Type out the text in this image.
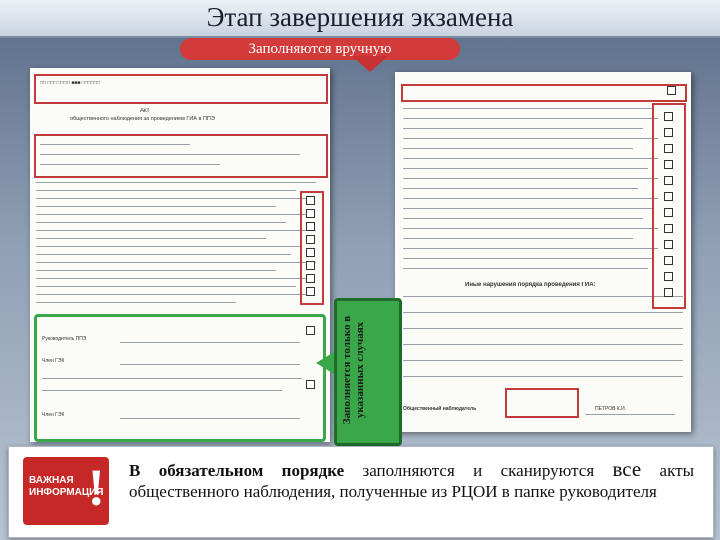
Этап завершения экзамена
Заполняются вручную
□□ □□□ □□□□ ■■■ □□□□□□
Акт
общественного наблюдения за проведением ГИА в ППЭ
Руководитель ППЭ
Член ГЭК
Член ГЭК
Иные нарушения порядка проведения ГИА:
Общественный наблюдатель	ПЕТРОВ К.И.
Заполняется только в указанных случаях
ВАЖНАЯ ИНФОРМАЦИЯ
! В обязательном порядке заполняются и сканируются все акты общественного наблюдения, полученные из РЦОИ в папке руководителя
